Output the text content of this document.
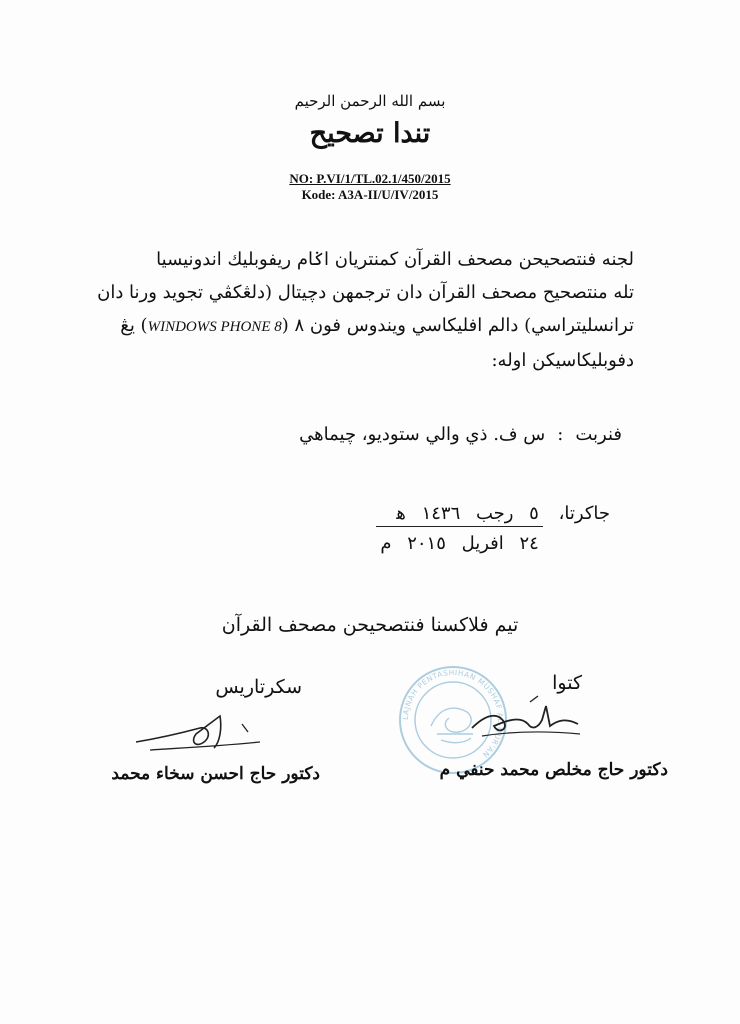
بسم الله الرحمن الرحيم
تندا تصحيح
NO: P.VI/1/TL.02.1/450/2015
Kode: A3A-II/U/IV/2015
لجنه فنتصحيحن مصحف القرآن كمنتريان اݢام ريفوبليك اندونيسيا
تله منتصحيح مصحف القرآن دان ترجمهن دچيتال (دلڠكڤي تجويد ورنا دان
ترانسليتراسي) دالم افليكاسي ويندوس فون ٨ (WINDOWS PHONE 8) يڠ
دفوبليكاسيكن اوله:
فنربت:س ف. ذي والي ستوديو، چيماهي
جاكرتا،
٥ رجب ١٤٣٦ ﻫ
٢٤ افريل ٢٠١٥ م
تيم فلاكسنا فنتصحيحن مصحف القرآن
سكرتاريس
دكتور حاج احسن سخاء محمد
LAJNAH PENTASHIHAN MUSHAF AL-QUR'AN
كتوا
دكتور حاج مخلص محمد حنفي م
